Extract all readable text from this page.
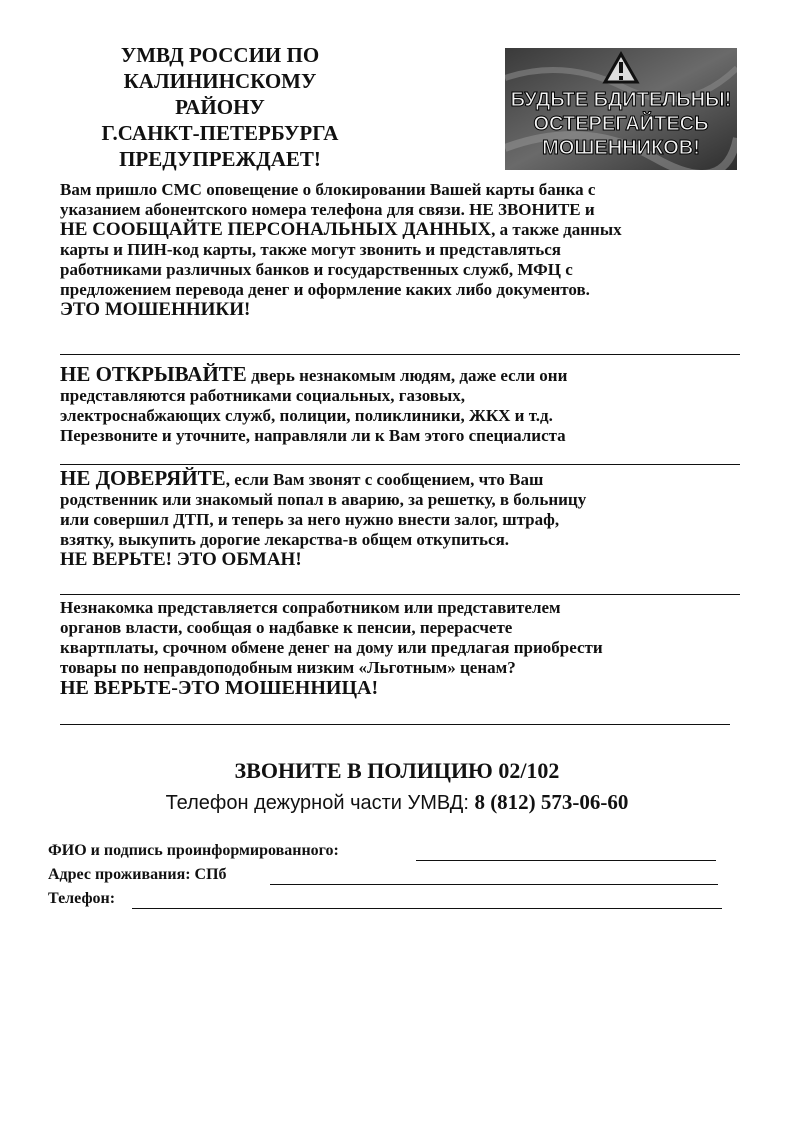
УМВД РОССИИ ПО
КАЛИНИНСКОМУ
РАЙОНУ
Г.САНКТ-ПЕТЕРБУРГА
ПРЕДУПРЕЖДАЕТ!
БУДЬТЕ БДИТЕЛЬНЫ!
ОСТЕРЕГАЙТЕСЬ
МОШЕННИКОВ!
Вам пришло СМС оповещение о блокировании Вашей карты банка с
указанием абонентского номера телефона для связи. НЕ ЗВОНИТЕ и
НЕ СООБЩАЙТЕ ПЕРСОНАЛЬНЫХ ДАННЫХ, а также данных
карты и ПИН-код карты, также могут звонить и представляться
работниками различных банков и государственных служб, МФЦ с
предложением перевода денег и оформление каких либо документов.
ЭТО МОШЕННИКИ!
НЕ ОТКРЫВАЙТЕ дверь незнакомым людям, даже если они
представляются работниками социальных, газовых,
электроснабжающих служб, полиции, поликлиники, ЖКХ и т.д.
Перезвоните и уточните, направляли ли к Вам этого специалиста
НЕ ДОВЕРЯЙТЕ, если Вам звонят с сообщением, что Ваш
родственник или знакомый попал в аварию, за решетку, в больницу
или совершил ДТП, и теперь за него нужно внести залог, штраф,
взятку, выкупить дорогие лекарства-в общем откупиться.
НЕ ВЕРЬТЕ! ЭТО ОБМАН!
Незнакомка представляется сопработником или представителем
органов власти, сообщая о надбавке к пенсии, перерасчете
квартплаты, срочном обмене денег на дому или предлагая приобрести
товары по неправдоподобным низким «Льготным» ценам?
НЕ ВЕРЬТЕ-ЭТО МОШЕННИЦА!
ЗВОНИТЕ В ПОЛИЦИЮ 02/102
Телефон дежурной части УМВД: 8 (812) 573-06-60
ФИО и подпись проинформированного:
Адрес проживания: СПб
Телефон:
